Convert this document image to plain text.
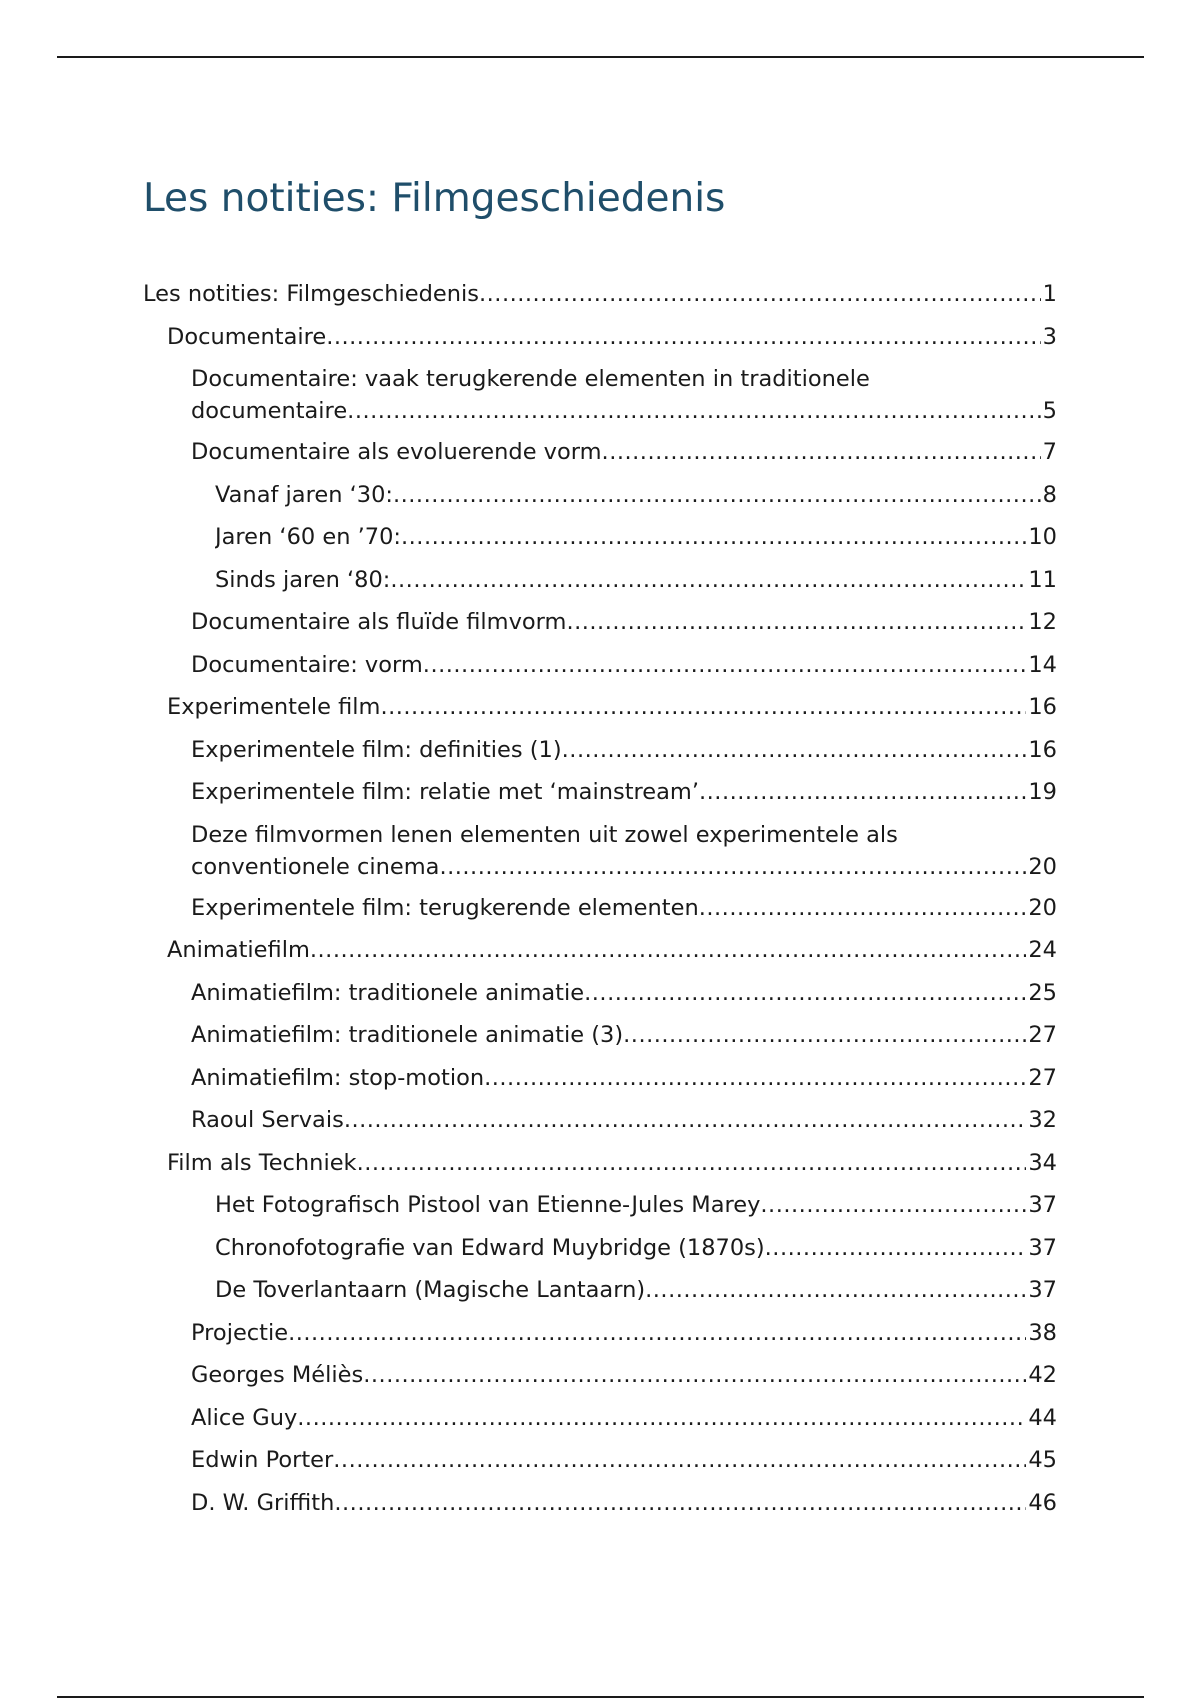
Les notities: Filmgeschiedenis
Les notities: Filmgeschiedenis .....	1
Documentaire .....	3
Documentaire: vaak terugkerende elementen in traditionele documentaire .....	5
Documentaire als evoluerende vorm .....	7
Vanaf jaren ‘30: .....	8
Jaren ‘60 en ’70: .....	10
Sinds jaren ‘80: .....	11
Documentaire als fluïde filmvorm .....	12
Documentaire: vorm .....	14
Experimentele film .....	16
Experimentele film: definities (1) .....	16
Experimentele film: relatie met ‘mainstream’ .....	19
Deze filmvormen lenen elementen uit zowel experimentele als conventionele cinema .....	20
Experimentele film: terugkerende elementen .....	20
Animatiefilm .....	24
Animatiefilm: traditionele animatie .....	25
Animatiefilm: traditionele animatie (3) .....	27
Animatiefilm: stop-motion .....	27
Raoul Servais .....	32
Film als Techniek .....	34
Het Fotografisch Pistool van Etienne-Jules Marey .....	37
Chronofotografie van Edward Muybridge (1870s) .....	37
De Toverlantaarn (Magische Lantaarn) .....	37
Projectie .....	38
Georges Méliès .....	42
Alice Guy .....	44
Edwin Porter .....	45
D. W. Griffith .....	46
